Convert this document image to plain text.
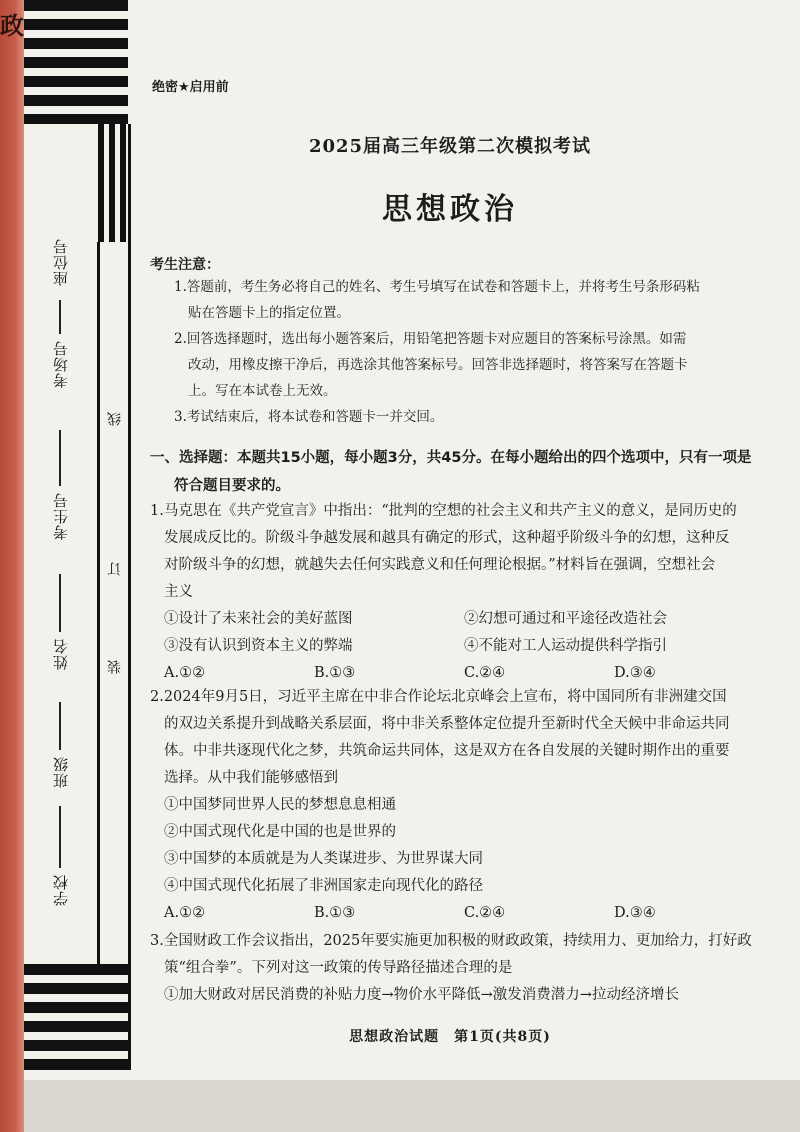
政
座位号
考场号
考生号
姓名
班级
学校
线
订
装
绝密★启用前
2025届高三年级第二次模拟考试
思想政治
考生注意：
1.答题前，考生务必将自己的姓名、考生号填写在试卷和答题卡上，并将考生号条形码粘
贴在答题卡上的指定位置。
2.回答选择题时，选出每小题答案后，用铅笔把答题卡对应题目的答案标号涂黑。如需
改动，用橡皮擦干净后，再选涂其他答案标号。回答非选择题时，将答案写在答题卡
上。写在本试卷上无效。
3.考试结束后，将本试卷和答题卡一并交回。
一、选择题：本题共15小题，每小题3分，共45分。在每小题给出的四个选项中，只有一项是
符合题目要求的。
1.马克思在《共产党宣言》中指出：“批判的空想的社会主义和共产主义的意义，是同历史的
发展成反比的。阶级斗争越发展和越具有确定的形式，这种超乎阶级斗争的幻想，这种反
对阶级斗争的幻想，就越失去任何实践意义和任何理论根据。”材料旨在强调，空想社会
主义
①设计了未来社会的美好蓝图	②幻想可通过和平途径改造社会
③没有认识到资本主义的弊端	④不能对工人运动提供科学指引
A.①②	B.①③	C.②④	D.③④
2.2024年9月5日，习近平主席在中非合作论坛北京峰会上宣布，将中国同所有非洲建交国
的双边关系提升到战略关系层面，将中非关系整体定位提升至新时代全天候中非命运共同
体。中非共逐现代化之梦，共筑命运共同体，这是双方在各自发展的关键时期作出的重要
选择。从中我们能够感悟到
①中国梦同世界人民的梦想息息相通
②中国式现代化是中国的也是世界的
③中国梦的本质就是为人类谋进步、为世界谋大同
④中国式现代化拓展了非洲国家走向现代化的路径
A.①②	B.①③	C.②④	D.③④
3.全国财政工作会议指出，2025年要实施更加积极的财政政策，持续用力、更加给力，打好政
策“组合拳”。下列对这一政策的传导路径描述合理的是
①加大财政对居民消费的补贴力度→物价水平降低→激发消费潜力→拉动经济增长
思想政治试题　第1页(共8页)
